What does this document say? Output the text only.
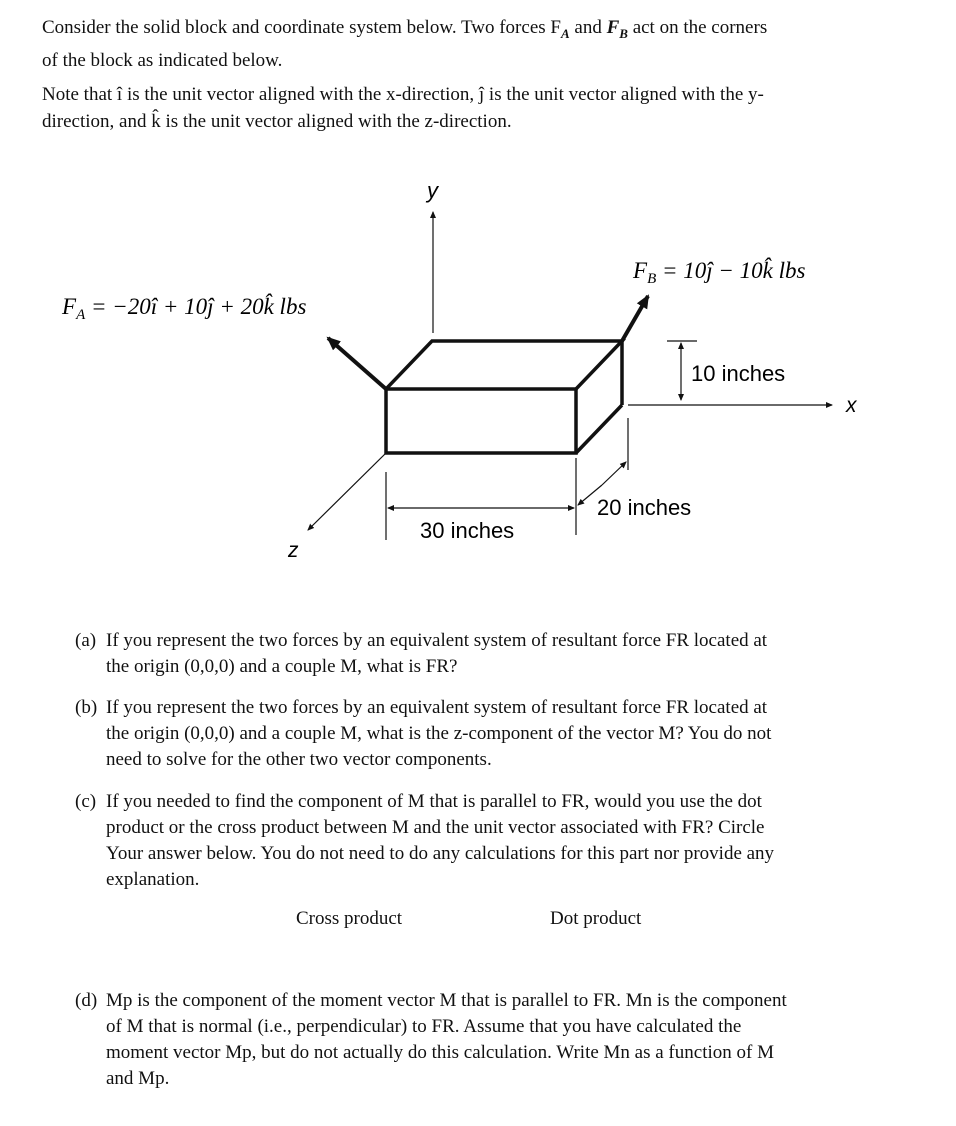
Consider the solid block and coordinate system below. Two forces $F_A$ and $F_B$ act on the corners
of the block as indicated below.
Note that î is the unit vector aligned with the x-direction, ĵ is the unit vector aligned with the y-
direction, and k̂ is the unit vector aligned with the z-direction.
y
x
z
10 inches
30 inches
20 inches
$F_A$ = −20î + 10ĵ + 20k̂ lbs
$F_B$ = 10ĵ − 10k̂ lbs
(a) If you represent the two forces by an equivalent system of resultant force FR located at
the origin (0,0,0) and a couple M, what is FR?
(b) If you represent the two forces by an equivalent system of resultant force FR located at
the origin (0,0,0) and a couple M, what is the z-component of the vector M? You do not
need to solve for the other two vector components.
(c) If you needed to find the component of M that is parallel to FR, would you use the dot
product or the cross product between M and the unit vector associated with FR? Circle
Your answer below. You do not need to do any calculations for this part nor provide any
explanation.
Cross product	Dot product
(d) Mp is the component of the moment vector M that is parallel to FR. Mn is the component
of M that is normal (i.e., perpendicular) to FR. Assume that you have calculated the
moment vector Mp, but do not actually do this calculation. Write Mn as a function of M
and Mp.
